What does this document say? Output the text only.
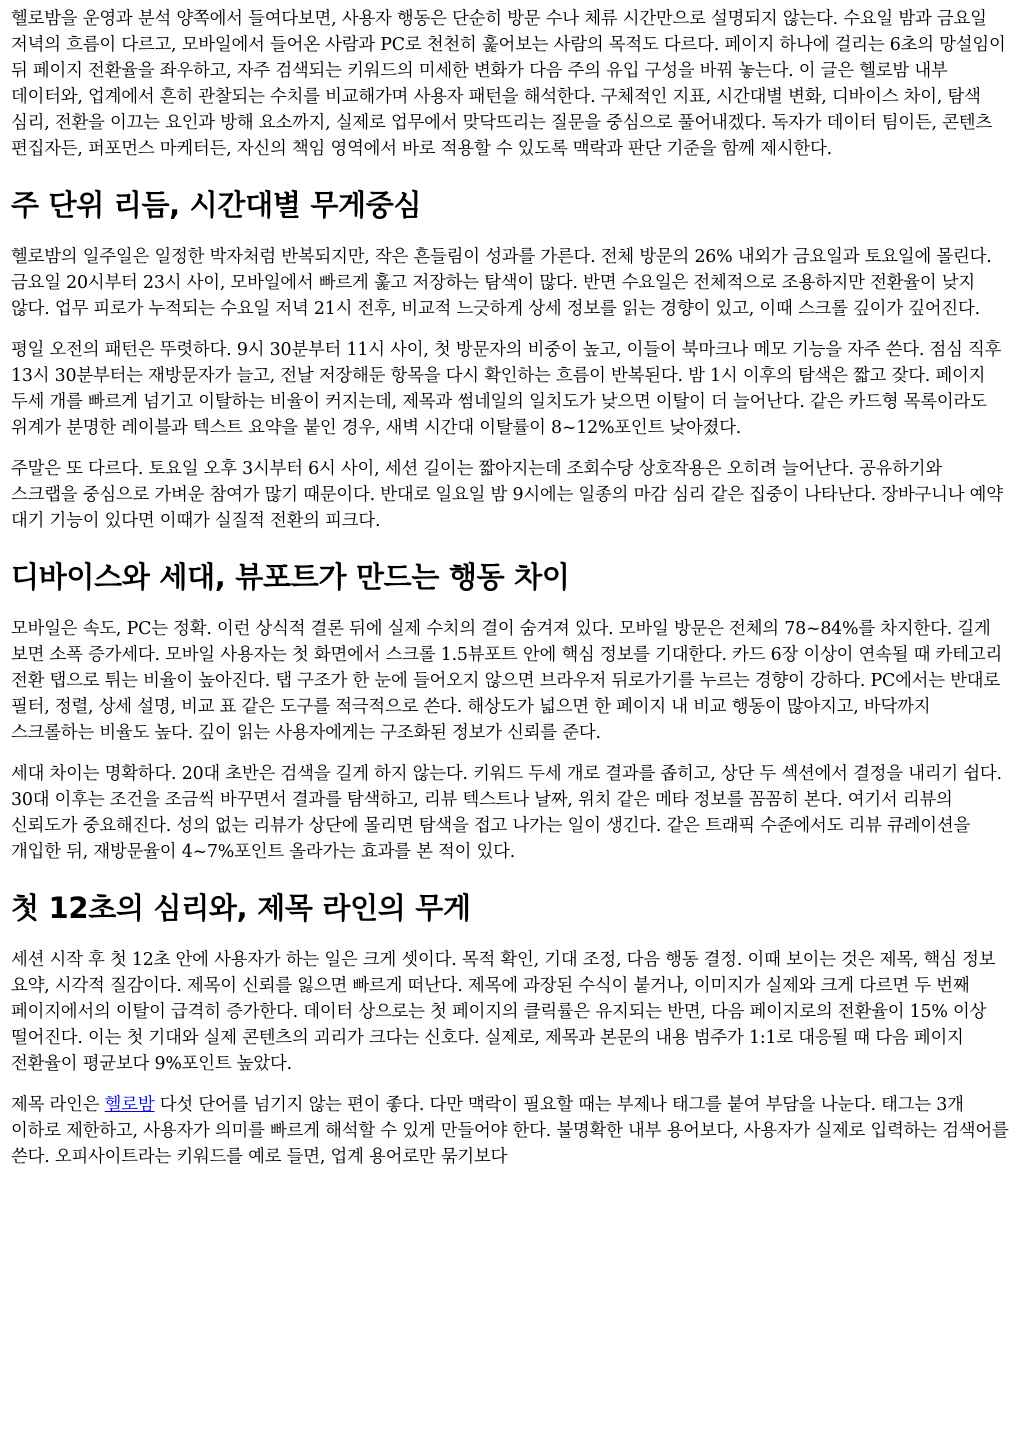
헬로밤을 운영과 분석 양쪽에서 들여다보면, 사용자 행동은 단순히 방문 수나 체류 시간만으로 설명되지 않는다. 수요일 밤과 금요일 저녁의 흐름이 다르고, 모바일에서 들어온 사람과 PC로 천천히 훑어보는 사람의 목적도 다르다. 페이지 하나에 걸리는 6초의 망설임이 뒤 페이지 전환율을 좌우하고, 자주 검색되는 키워드의 미세한 변화가 다음 주의 유입 구성을 바꿔 놓는다. 이 글은 헬로밤 내부 데이터와, 업계에서 흔히 관찰되는 수치를 비교해가며 사용자 패턴을 해석한다. 구체적인 지표, 시간대별 변화, 디바이스 차이, 탐색 심리, 전환을 이끄는 요인과 방해 요소까지, 실제로 업무에서 맞닥뜨리는 질문을 중심으로 풀어내겠다. 독자가 데이터 팀이든, 콘텐츠 편집자든, 퍼포먼스 마케터든, 자신의 책임 영역에서 바로 적용할 수 있도록 맥락과 판단 기준을 함께 제시한다.

주 단위 리듬, 시간대별 무게중심

헬로밤의 일주일은 일정한 박자처럼 반복되지만, 작은 흔들림이 성과를 가른다. 전체 방문의 26% 내외가 금요일과 토요일에 몰린다. 금요일 20시부터 23시 사이, 모바일에서 빠르게 훑고 저장하는 탐색이 많다. 반면 수요일은 전체적으로 조용하지만 전환율이 낮지 않다. 업무 피로가 누적되는 수요일 저녁 21시 전후, 비교적 느긋하게 상세 정보를 읽는 경향이 있고, 이때 스크롤 깊이가 깊어진다.

평일 오전의 패턴은 뚜렷하다. 9시 30분부터 11시 사이, 첫 방문자의 비중이 높고, 이들이 북마크나 메모 기능을 자주 쓴다. 점심 직후 13시 30분부터는 재방문자가 늘고, 전날 저장해둔 항목을 다시 확인하는 흐름이 반복된다. 밤 1시 이후의 탐색은 짧고 잦다. 페이지 두세 개를 빠르게 넘기고 이탈하는 비율이 커지는데, 제목과 썸네일의 일치도가 낮으면 이탈이 더 늘어난다. 같은 카드형 목록이라도 위계가 분명한 레이블과 텍스트 요약을 붙인 경우, 새벽 시간대 이탈률이 8~12%포인트 낮아졌다.

주말은 또 다르다. 토요일 오후 3시부터 6시 사이, 세션 길이는 짧아지는데 조회수당 상호작용은 오히려 늘어난다. 공유하기와 스크랩을 중심으로 가벼운 참여가 많기 때문이다. 반대로 일요일 밤 9시에는 일종의 마감 심리 같은 집중이 나타난다. 장바구니나 예약 대기 기능이 있다면 이때가 실질적 전환의 피크다.

디바이스와 세대, 뷰포트가 만드는 행동 차이

모바일은 속도, PC는 정확. 이런 상식적 결론 뒤에 실제 수치의 결이 숨겨져 있다. 모바일 방문은 전체의 78~84%를 차지한다. 길게 보면 소폭 증가세다. 모바일 사용자는 첫 화면에서 스크롤 1.5뷰포트 안에 핵심 정보를 기대한다. 카드 6장 이상이 연속될 때 카테고리 전환 탭으로 튀는 비율이 높아진다. 탭 구조가 한 눈에 들어오지 않으면 브라우저 뒤로가기를 누르는 경향이 강하다. PC에서는 반대로 필터, 정렬, 상세 설명, 비교 표 같은 도구를 적극적으로 쓴다. 해상도가 넓으면 한 페이지 내 비교 행동이 많아지고, 바닥까지 스크롤하는 비율도 높다. 깊이 읽는 사용자에게는 구조화된 정보가 신뢰를 준다.

세대 차이는 명확하다. 20대 초반은 검색을 길게 하지 않는다. 키워드 두세 개로 결과를 좁히고, 상단 두 섹션에서 결정을 내리기 쉽다. 30대 이후는 조건을 조금씩 바꾸면서 결과를 탐색하고, 리뷰 텍스트나 날짜, 위치 같은 메타 정보를 꼼꼼히 본다. 여기서 리뷰의 신뢰도가 중요해진다. 성의 없는 리뷰가 상단에 몰리면 탐색을 접고 나가는 일이 생긴다. 같은 트래픽 수준에서도 리뷰 큐레이션을 개입한 뒤, 재방문율이 4~7%포인트 올라가는 효과를 본 적이 있다.

첫 12초의 심리와, 제목 라인의 무게

세션 시작 후 첫 12초 안에 사용자가 하는 일은 크게 셋이다. 목적 확인, 기대 조정, 다음 행동 결정. 이때 보이는 것은 제목, 핵심 정보 요약, 시각적 질감이다. 제목이 신뢰를 잃으면 빠르게 떠난다. 제목에 과장된 수식이 붙거나, 이미지가 실제와 크게 다르면 두 번째 페이지에서의 이탈이 급격히 증가한다. 데이터 상으로는 첫 페이지의 클릭률은 유지되는 반면, 다음 페이지로의 전환율이 15% 이상 떨어진다. 이는 첫 기대와 실제 콘텐츠의 괴리가 크다는 신호다. 실제로, 제목과 본문의 내용 범주가 1:1로 대응될 때 다음 페이지 전환율이 평균보다 9%포인트 높았다.

제목 라인은 헬로밤 다섯 단어를 넘기지 않는 편이 좋다. 다만 맥락이 필요할 때는 부제나 태그를 붙여 부담을 나눈다. 태그는 3개 이하로 제한하고, 사용자가 의미를 빠르게 해석할 수 있게 만들어야 한다. 불명확한 내부 용어보다, 사용자가 실제로 입력하는 검색어를 쓴다. 오피사이트라는 키워드를 예로 들면, 업계 용어로만 묶기보다
